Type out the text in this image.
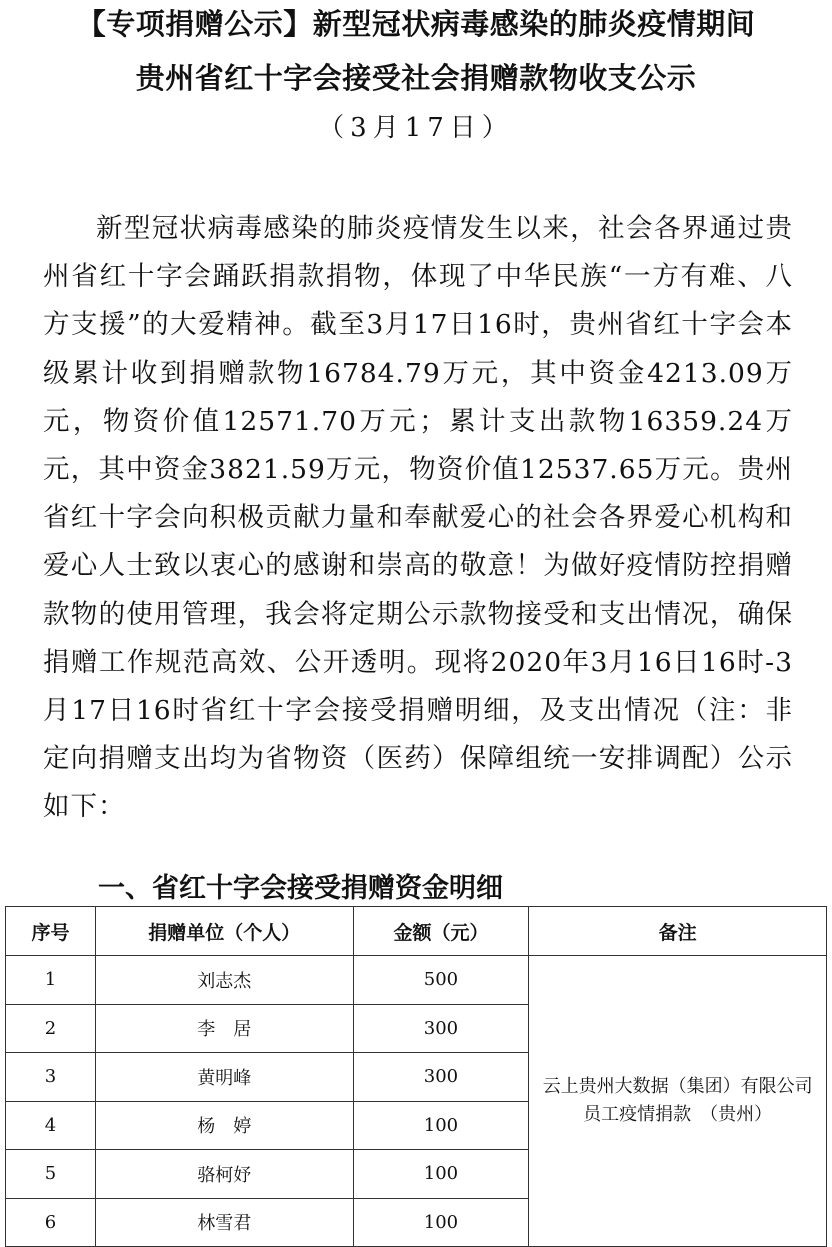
【专项捐赠公示】新型冠状病毒感染的肺炎疫情期间
贵州省红十字会接受社会捐赠款物收支公示
（3月17日）
新型冠状病毒感染的肺炎疫情发生以来，社会各界通过贵州省红十字会踊跃捐款捐物，体现了中华民族“一方有难、八方支援”的大爱精神。截至3月17日16时，贵州省红十字会本级累计收到捐赠款物16784.79万元，其中资金4213.09万元，物资价值12571.70万元；累计支出款物16359.24万元，其中资金3821.59万元，物资价值12537.65万元。贵州省红十字会向积极贡献力量和奉献爱心的社会各界爱心机构和爱心人士致以衷心的感谢和崇高的敬意！为做好疫情防控捐赠款物的使用管理，我会将定期公示款物接受和支出情况，确保捐赠工作规范高效、公开透明。现将2020年3月16日16时-3月17日16时省红十字会接受捐赠明细，及支出情况（注：非定向捐赠支出均为省物资（医药）保障组统一安排调配）公示如下：
一、省红十字会接受捐赠资金明细
序号	捐赠单位（个人）	金额（元）	备注
1	刘志杰	500	云上贵州大数据（集团）有限公司
员工疫情捐款　（贵州）

2	李　居	300	
3	黄明峰	300	
4	杨　婷	100	
5	骆柯妤	100	
6	林雪君	100	
